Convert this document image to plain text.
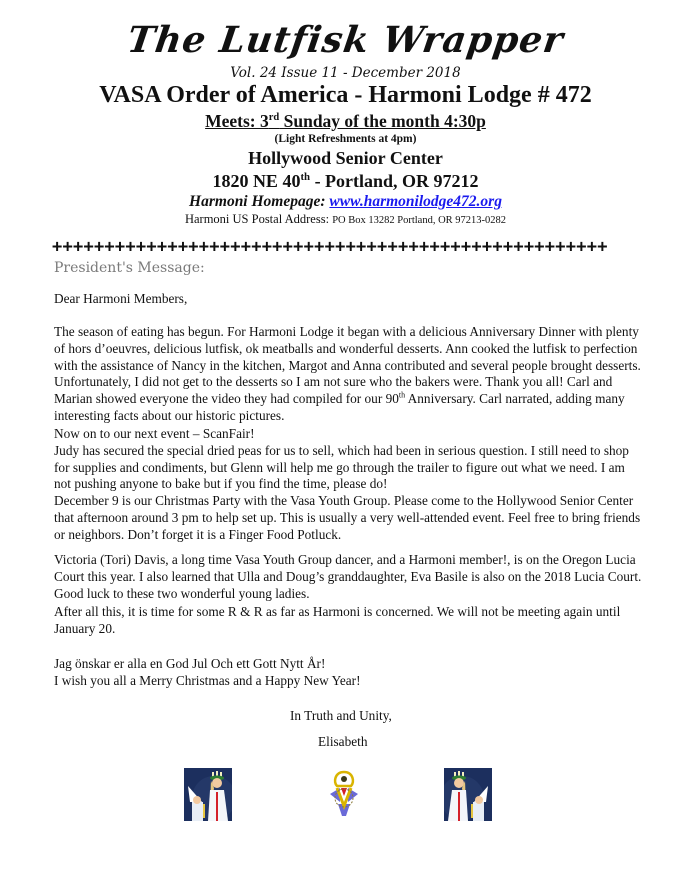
The Lutfisk Wrapper
Vol. 24 Issue 11 - December 2018
VASA Order of America - Harmoni Lodge # 472
Meets: 3rd Sunday of the month 4:30p
(Light Refreshments at 4pm)
Hollywood Senior Center
1820 NE 40th - Portland, OR 97212
Harmoni Homepage: www.harmonilodge472.org
Harmoni US Postal Address: PO Box 13282 Portland, OR 97213-0282
+++++++++++++++++++++++++++++++++++++++++++++++++++++
President's Message:
Dear Harmoni Members,

The season of eating has begun. For Harmoni Lodge it began with a delicious Anniversary Dinner with plenty of hors d’oeuvres, delicious lutfisk, ok meatballs and wonderful desserts. Ann cooked the lutfisk to perfection with the assistance of Nancy in the kitchen, Margot and Anna contributed and several people brought desserts. Unfortunately, I did not get to the desserts so I am not sure who the bakers were. Thank you all! Carl and Marian showed everyone the video they had compiled for our 90th Anniversary. Carl narrated, adding many interesting facts about our historic pictures.

Now on to our next event – ScanFair!

Judy has secured the special dried peas for us to sell, which had been in serious question. I still need to shop for supplies and condiments, but Glenn will help me go through the trailer to figure out what we need. I am not pushing anyone to bake but if you find the time, please do!

December 9 is our Christmas Party with the Vasa Youth Group. Please come to the Hollywood Senior Center that afternoon around 3 pm to help set up. This is usually a very well-attended event. Feel free to bring friends or neighbors. Don’t forget it is a Finger Food Potluck.

Victoria (Tori) Davis, a long time Vasa Youth Group dancer, and a Harmoni member!, is on the Oregon Lucia Court this year. I also learned that Ulla and Doug’s granddaughter, Eva Basile is also on the 2018 Lucia Court. Good luck to these two wonderful young ladies.
After all this, it is time for some R & R as far as Harmoni is concerned. We will not be meeting again until January 20.

Jag önskar er alla en God Jul Och ett Gott Nytt År!

I wish you all a Merry Christmas and a Happy New Year!

In Truth and Unity,
Elisabeth
